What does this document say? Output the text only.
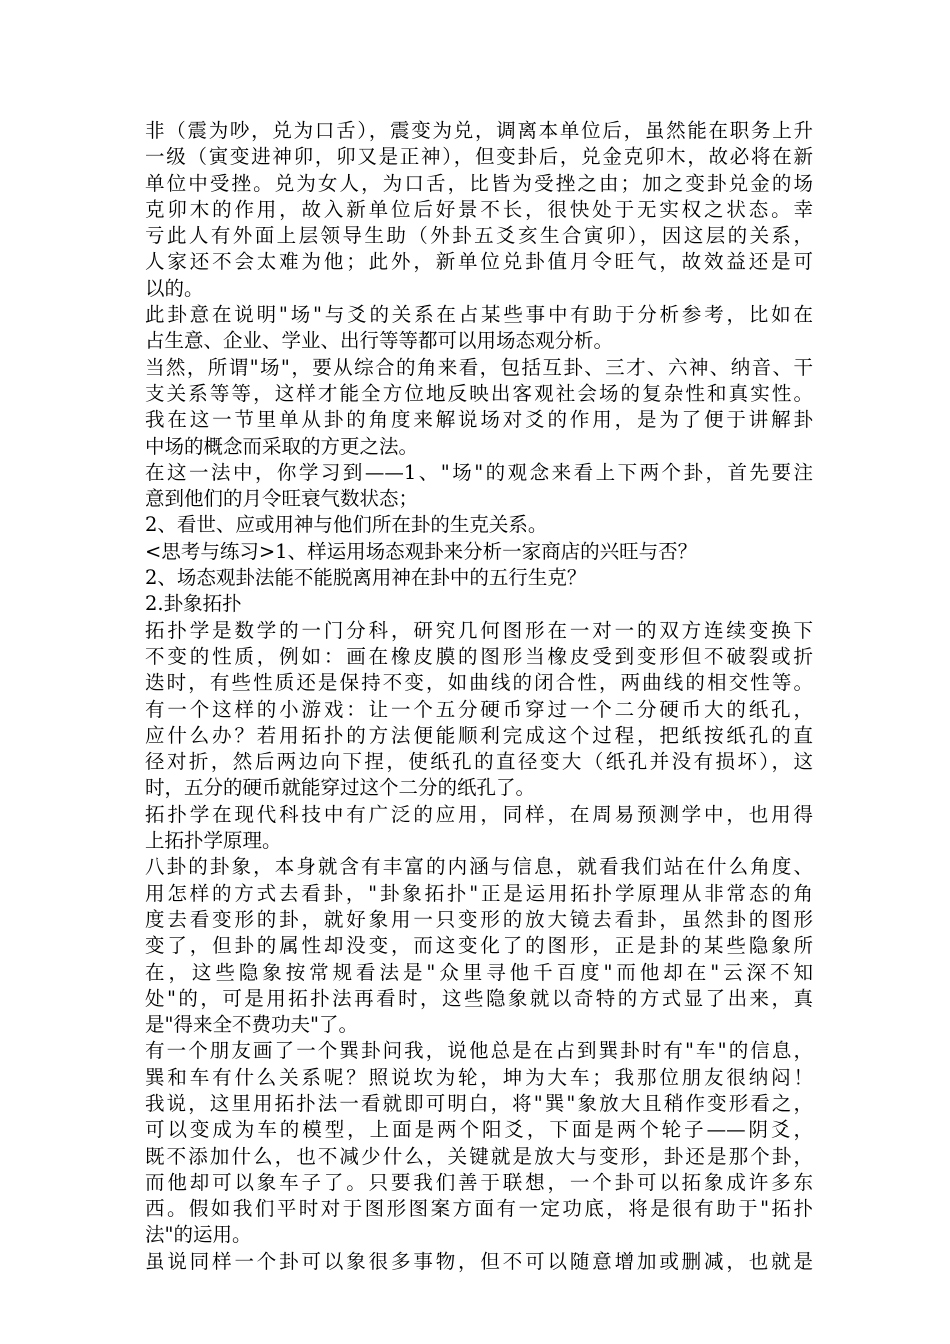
非（震为吵，兑为口舌），震变为兑，调离本单位后，虽然能在职务上升
一级（寅变进神卯，卯又是正神），但变卦后，兑金克卯木，故必将在新
单位中受挫。兑为女人，为口舌，比皆为受挫之由；加之变卦兑金的场
克卯木的作用，故入新单位后好景不长，很快处于无实权之状态。幸
亏此人有外面上层领导生助（外卦五爻亥生合寅卯），因这层的关系，
人家还不会太难为他；此外，新单位兑卦值月令旺气，故效益还是可
以的。
此卦意在说明"场"与爻的关系在占某些事中有助于分析参考，比如在
占生意、企业、学业、出行等等都可以用场态观分析。
当然，所谓"场"，要从综合的角来看，包括互卦、三才、六神、纳音、干
支关系等等，这样才能全方位地反映出客观社会场的复杂性和真实性。
我在这一节里单从卦的角度来解说场对爻的作用，是为了便于讲解卦
中场的概念而采取的方更之法。
在这一法中，你学习到——1、"场"的观念来看上下两个卦，首先要注
意到他们的月令旺衰气数状态；
2、看世、应或用神与他们所在卦的生克关系。
<思考与练习>1、样运用场态观卦来分析一家商店的兴旺与否？
2、场态观卦法能不能脱离用神在卦中的五行生克？
2.卦象拓扑
拓扑学是数学的一门分科，研究几何图形在一对一的双方连续变换下
不变的性质，例如：画在橡皮膜的图形当橡皮受到变形但不破裂或折
迭时，有些性质还是保持不变，如曲线的闭合性，两曲线的相交性等。
有一个这样的小游戏：让一个五分硬币穿过一个二分硬币大的纸孔，
应什么办？若用拓扑的方法便能顺利完成这个过程，把纸按纸孔的直
径对折，然后两边向下捏，使纸孔的直径变大（纸孔并没有损坏），这
时，五分的硬币就能穿过这个二分的纸孔了。
拓扑学在现代科技中有广泛的应用，同样，在周易预测学中，也用得
上拓扑学原理。
八卦的卦象，本身就含有丰富的内涵与信息，就看我们站在什么角度、
用怎样的方式去看卦，"卦象拓扑"正是运用拓扑学原理从非常态的角
度去看变形的卦，就好象用一只变形的放大镜去看卦，虽然卦的图形
变了，但卦的属性却没变，而这变化了的图形，正是卦的某些隐象所
在，这些隐象按常规看法是"众里寻他千百度"而他却在"云深不知
处"的，可是用拓扑法再看时，这些隐象就以奇特的方式显了出来，真
是"得来全不费功夫"了。
有一个朋友画了一个巽卦问我，说他总是在占到巽卦时有"车"的信息，
巽和车有什么关系呢？照说坎为轮，坤为大车；我那位朋友很纳闷！
我说，这里用拓扑法一看就即可明白，将"巽"象放大且稍作变形看之，
可以变成为车的模型，上面是两个阳爻，下面是两个轮子——阴爻，
既不添加什么，也不减少什么，关键就是放大与变形，卦还是那个卦，
而他却可以象车子了。只要我们善于联想，一个卦可以拓象成许多东
西。假如我们平时对于图形图案方面有一定功底，将是很有助于"拓扑
法"的运用。
虽说同样一个卦可以象很多事物，但不可以随意增加或删减，也就是
